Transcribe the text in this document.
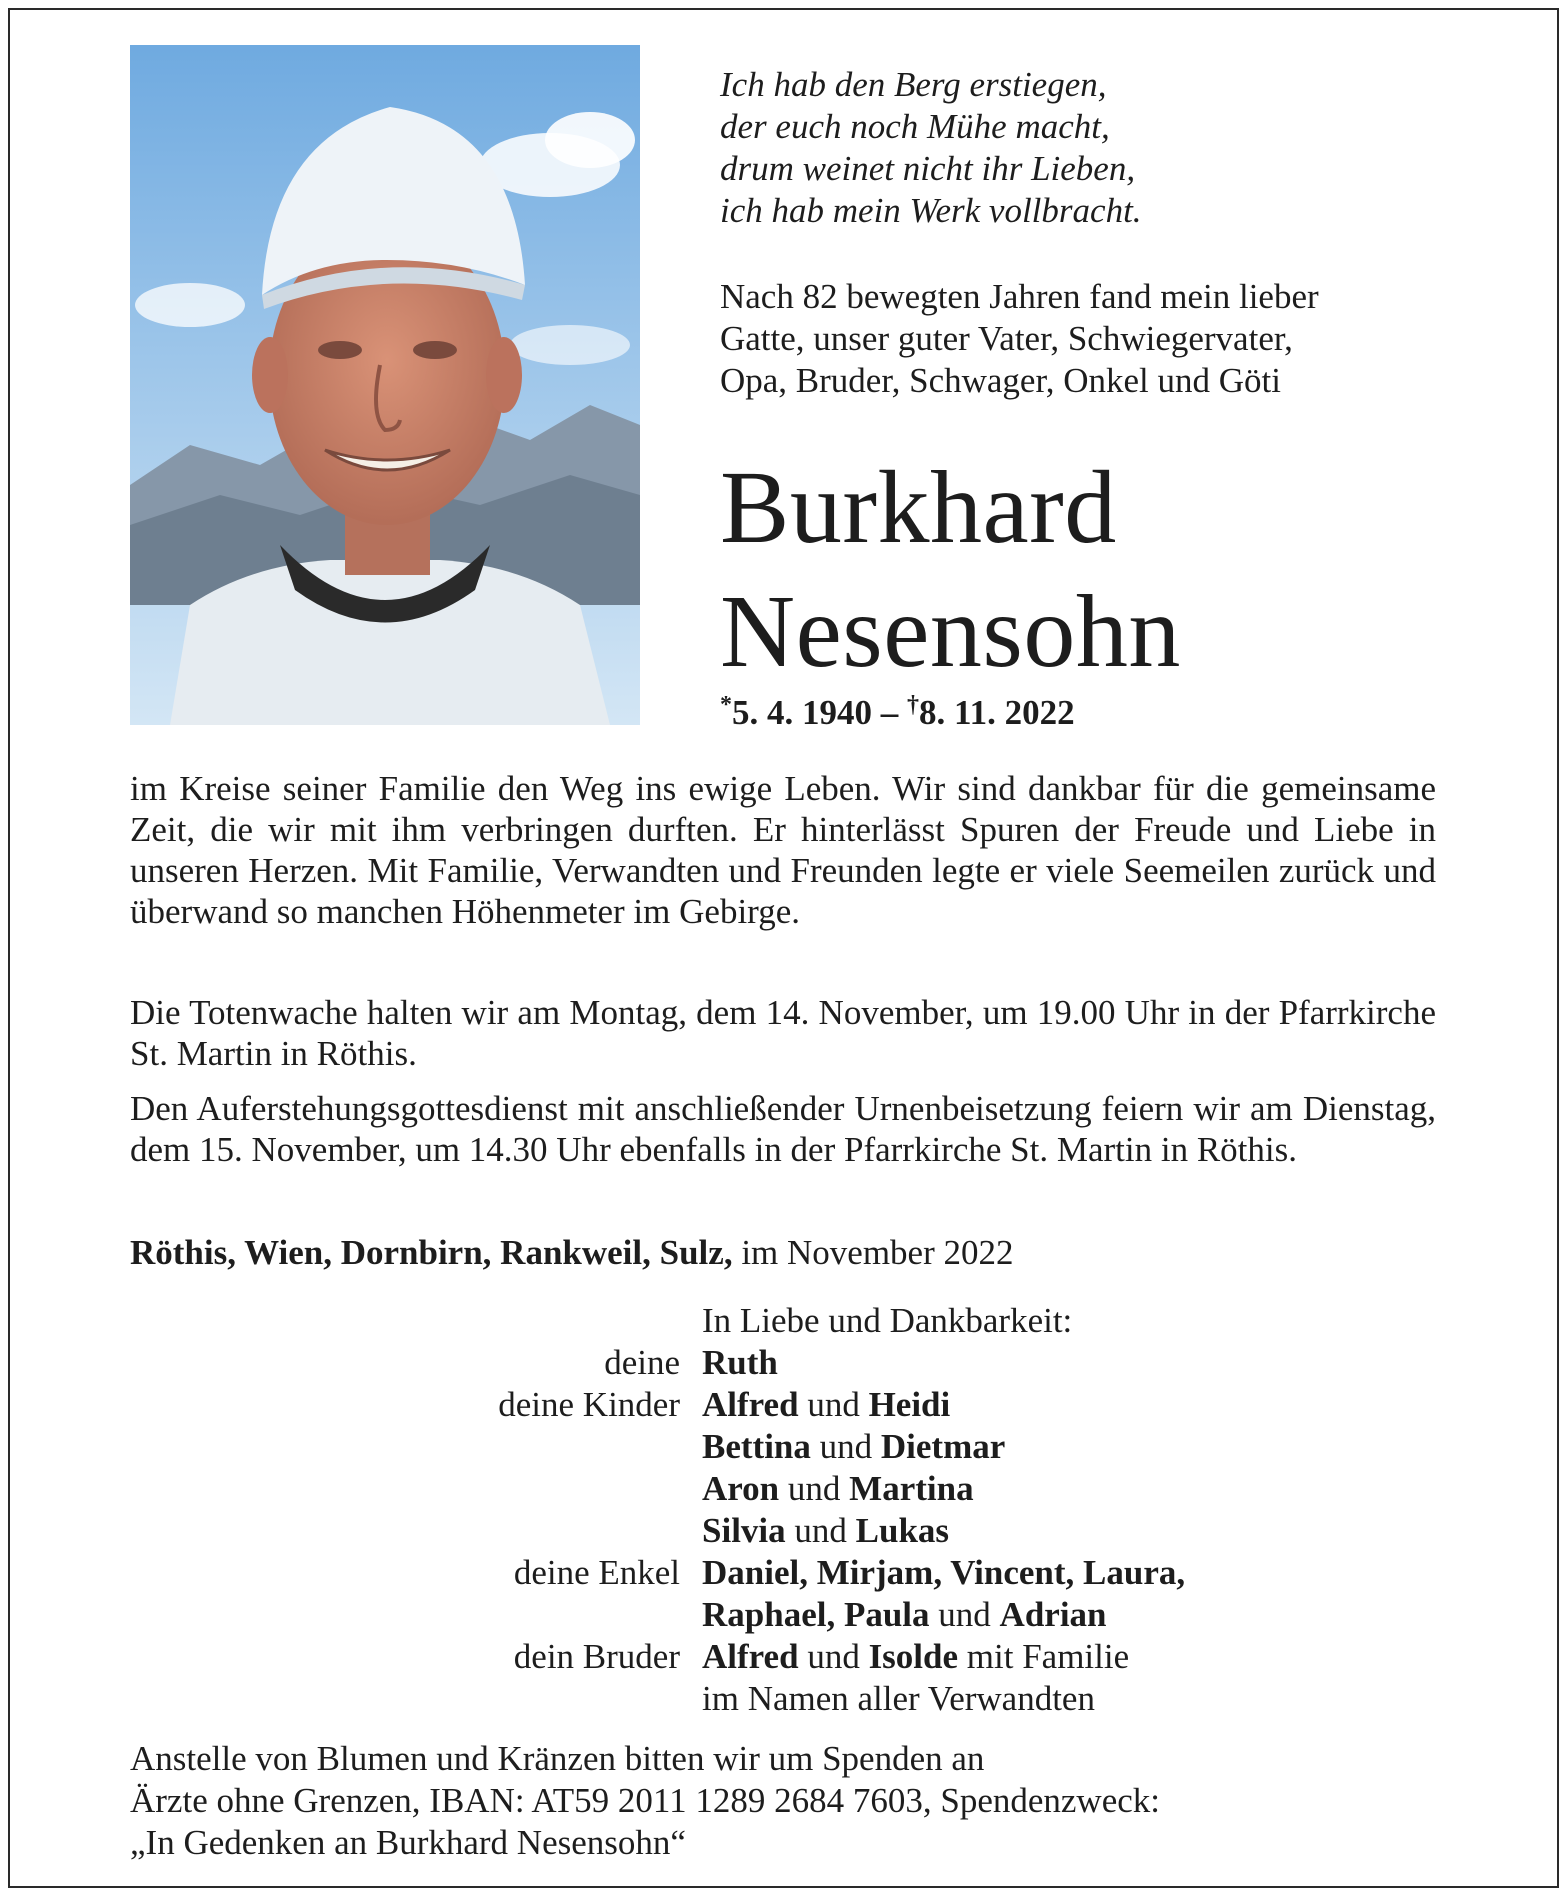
Ich hab den Berg erstiegen,
der euch noch Mühe macht,
drum weinet nicht ihr Lieben,
ich hab mein Werk vollbracht.
Nach 82 bewegten Jahren fand mein lieber
Gatte, unser guter Vater, Schwiegervater,
Opa, Bruder, Schwager, Onkel und Göti
Burkhard
Nesensohn
*5. 4. 1940 – †8. 11. 2022

im Kreise seiner Familie den Weg ins ewige Leben. Wir sind dankbar für die gemeinsame Zeit, die wir mit ihm verbringen durften. Er hinterlässt Spuren der Freude und Liebe in unseren Herzen. Mit Familie, Verwandten und Freunden legte er viele Seemeilen zurück und überwand so manchen Höhenmeter im Gebirge.

Die Totenwache halten wir am Montag, dem 14. November, um 19.00 Uhr in der Pfarrkirche St. Martin in Röthis.

Den Auferstehungsgottesdienst mit anschließender Urnenbeisetzung feiern wir am Dienstag, dem 15. November, um 14.30 Uhr ebenfalls in der Pfarrkirche St. Martin in Röthis.

Röthis, Wien, Dornbirn, Rankweil, Sulz, im November 2022
In Liebe und Dankbarkeit:
deine Ruth
deine Kinder Alfred und Heidi
Bettina und Dietmar
Aron und Martina
Silvia und Lukas
deine Enkel Daniel, Mirjam, Vincent, Laura,
Raphael, Paula und Adrian
dein Bruder Alfred und Isolde mit Familie
im Namen aller Verwandten
Anstelle von Blumen und Kränzen bitten wir um Spenden an
Ärzte ohne Grenzen, IBAN: AT59 2011 1289 2684 7603, Spendenzweck:
„In Gedenken an Burkhard Nesensohn“
